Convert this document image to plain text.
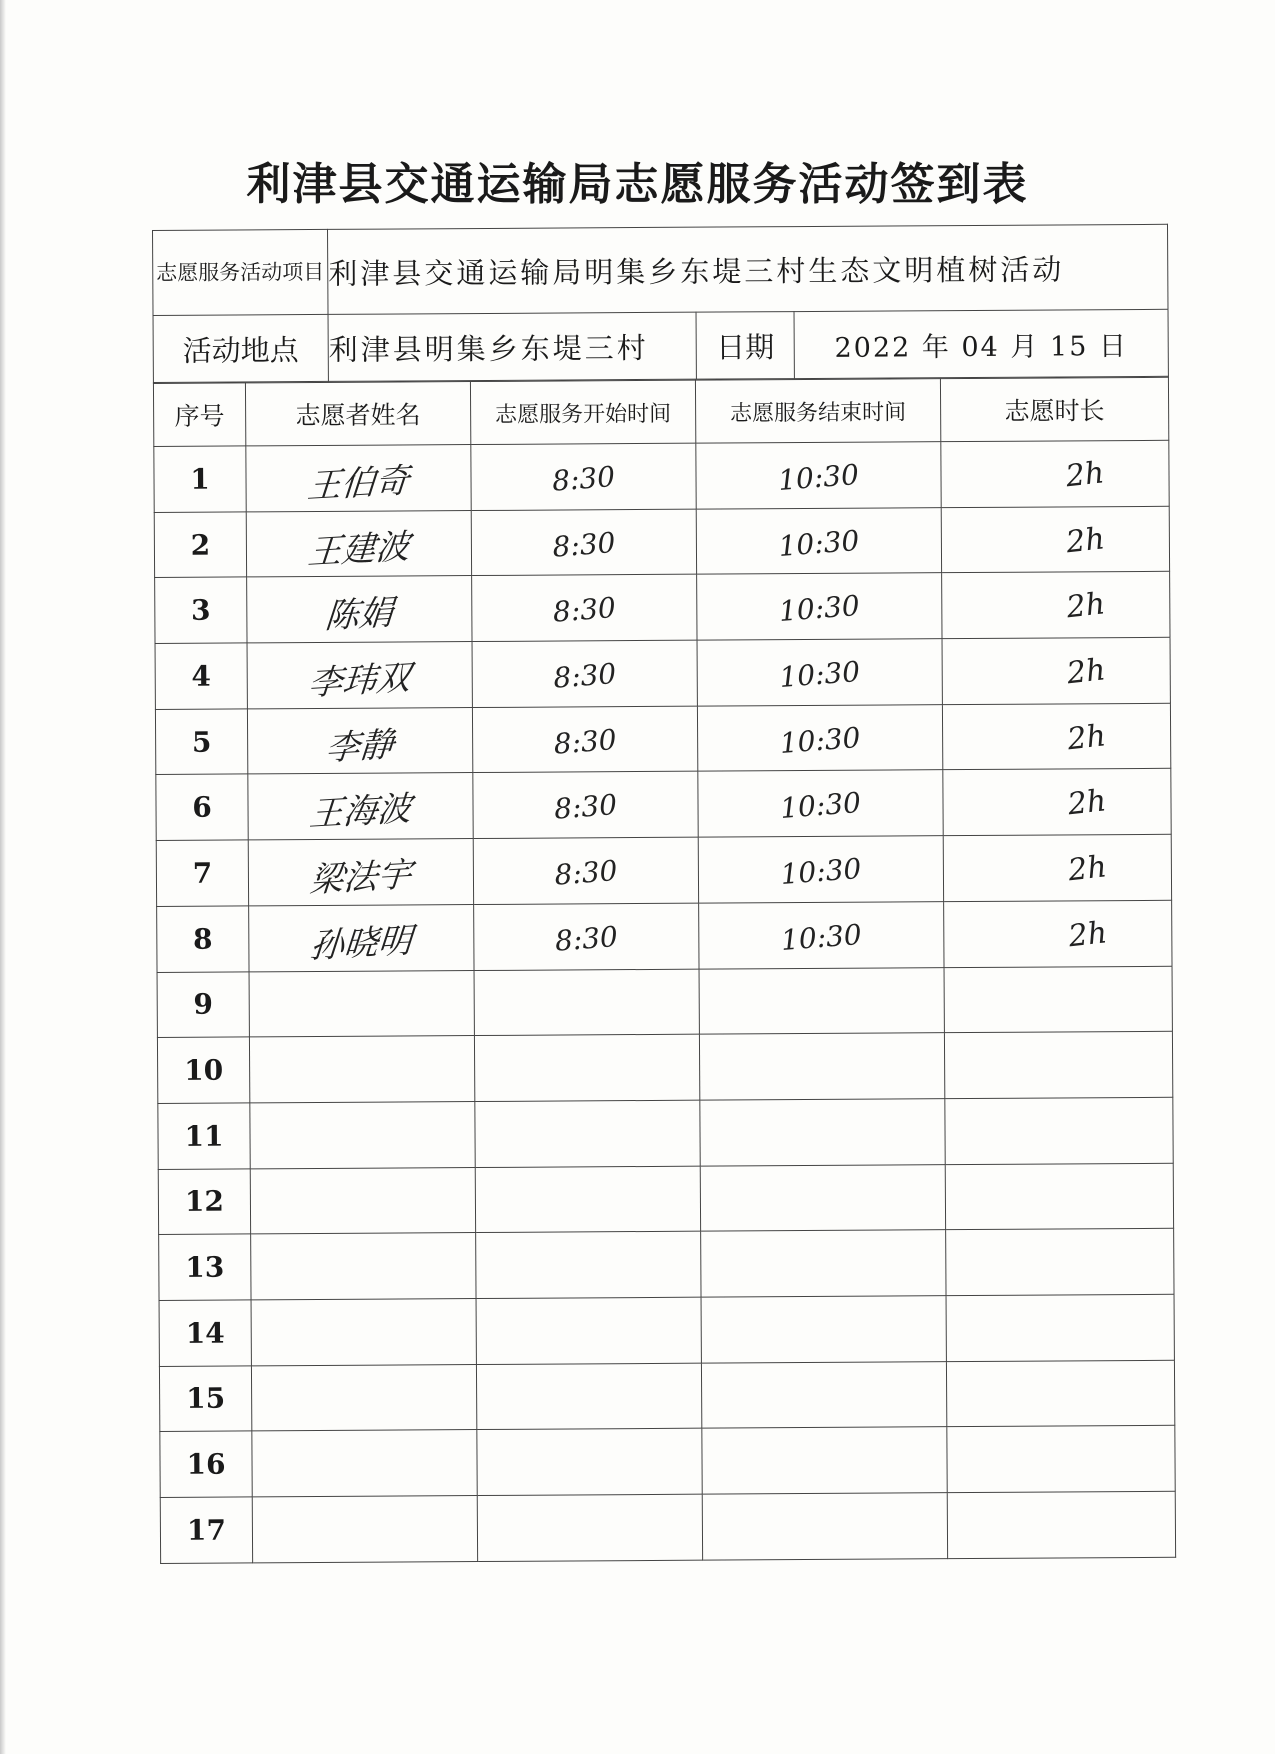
利津县交通运输局志愿服务活动签到表
志愿服务活动项目	利津县交通运输局明集乡东堤三村生态文明植树活动		
活动地点	利津县明集乡东堤三村	日期	2022 年 04 月 15 日
序号	志愿者姓名	志愿服务开始时间	志愿服务结束时间	志愿时长
1	王伯奇	8:30	10:30	2h

2	王建波	8:30	10:30	2h

3	陈娟	8:30	10:30	2h

4	李玮双	8:30	10:30	2h

5	李静	8:30	10:30	2h

6	王海波	8:30	10:30	2h

7	梁法宇	8:30	10:30	2h

8	孙晓明	8:30	10:30	2h

9	

10	

11	

12	

13	

14	

15	

16	

17	
